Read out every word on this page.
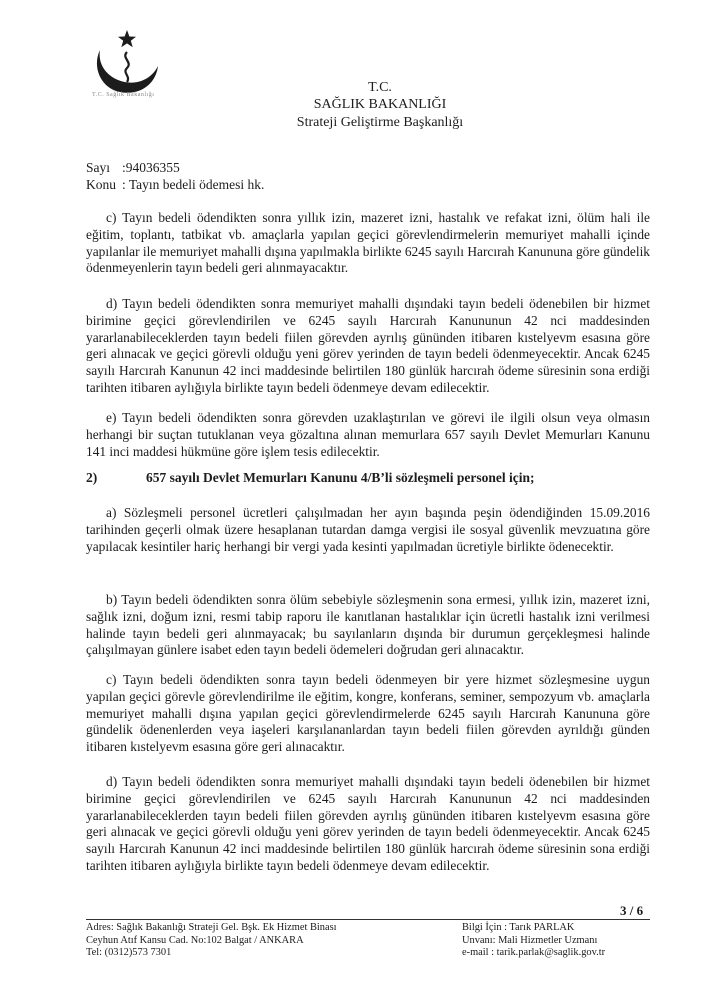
T.C. Sağlık Bakanlığı	T.C.
SAĞLIK BAKANLIĞI
Strateji Geliştirme Başkanlığı
Sayı :94036355
Konu : Tayın bedeli ödemesi hk.

c) Tayın bedeli ödendikten sonra yıllık izin, mazeret izni, hastalık ve refakat izni, ölüm hali ile eğitim, toplantı, tatbikat vb. amaçlarla yapılan geçici görevlendirmelerin memuriyet mahalli içinde yapılanlar ile memuriyet mahalli dışına yapılmakla birlikte 6245 sayılı Harcırah Kanununa göre gündelik ödenmeyenlerin tayın bedeli geri alınmayacaktır.

d) Tayın bedeli ödendikten sonra memuriyet mahalli dışındaki tayın bedeli ödenebilen bir hizmet birimine geçici görevlendirilen ve 6245 sayılı Harcırah Kanununun 42 nci maddesinden yararlanabileceklerden tayın bedeli fiilen görevden ayrılış gününden itibaren kıstelyevm esasına göre geri alınacak ve geçici görevli olduğu yeni görev yerinden de tayın bedeli ödenmeyecektir. Ancak 6245 sayılı Harcırah Kanunun 42 inci maddesinde belirtilen 180 günlük harcırah ödeme süresinin sona erdiği tarihten itibaren aylığıyla birlikte tayın bedeli ödenmeye devam edilecektir.

e) Tayın bedeli ödendikten sonra görevden uzaklaştırılan ve görevi ile ilgili olsun veya olmasın herhangi bir suçtan tutuklanan veya gözaltına alınan memurlara 657 sayılı Devlet Memurları Kanunu 141 inci maddesi hükmüne göre işlem tesis edilecektir.

2)	657 sayılı Devlet Memurları Kanunu 4/B’li sözleşmeli personel için;

a) Sözleşmeli personel ücretleri çalışılmadan her ayın başında peşin ödendiğinden 15.09.2016 tarihinden geçerli olmak üzere hesaplanan tutardan damga vergisi ile sosyal güvenlik mevzuatına göre yapılacak kesintiler hariç herhangi bir vergi yada kesinti yapılmadan ücretiyle birlikte ödenecektir.

b) Tayın bedeli ödendikten sonra ölüm sebebiyle sözleşmenin sona ermesi, yıllık izin, mazeret izni, sağlık izni, doğum izni, resmi tabip raporu ile kanıtlanan hastalıklar için ücretli hastalık izni verilmesi halinde tayın bedeli geri alınmayacak; bu sayılanların dışında bir durumun gerçekleşmesi halinde çalışılmayan günlere isabet eden tayın bedeli ödemeleri doğrudan geri alınacaktır.

c) Tayın bedeli ödendikten sonra tayın bedeli ödenmeyen bir yere hizmet sözleşmesine uygun yapılan geçici görevle görevlendirilme ile eğitim, kongre, konferans, seminer, sempozyum vb. amaçlarla memuriyet mahalli dışına yapılan geçici görevlendirmelerde 6245 sayılı Harcırah Kanununa göre gündelik ödenenlerden veya iaşeleri karşılananlardan tayın bedeli fiilen görevden ayrıldığı günden itibaren kıstelyevm esasına göre geri alınacaktır.

d) Tayın bedeli ödendikten sonra memuriyet mahalli dışındaki tayın bedeli ödenebilen bir hizmet birimine geçici görevlendirilen ve 6245 sayılı Harcırah Kanununun 42 nci maddesinden yararlanabileceklerden tayın bedeli fiilen görevden ayrılış gününden itibaren kıstelyevm esasına göre geri alınacak ve geçici görevli olduğu yeni görev yerinden de tayın bedeli ödenmeyecektir. Ancak 6245 sayılı Harcırah Kanunun 42 inci maddesinde belirtilen 180 günlük harcırah ödeme süresinin sona erdiği tarihten itibaren aylığıyla birlikte tayın bedeli ödenmeye devam edilecektir.

3 / 6
Adres: Sağlık Bakanlığı Strateji Gel. Bşk. Ek Hizmet Binası
Ceyhun Atıf Kansu Cad. No:102 Balgat / ANKARA
Tel: (0312)573 7301
Bilgi İçin : Tarık PARLAK
Unvanı: Mali Hizmetler Uzmanı
e-mail : tarik.parlak@saglik.gov.tr
